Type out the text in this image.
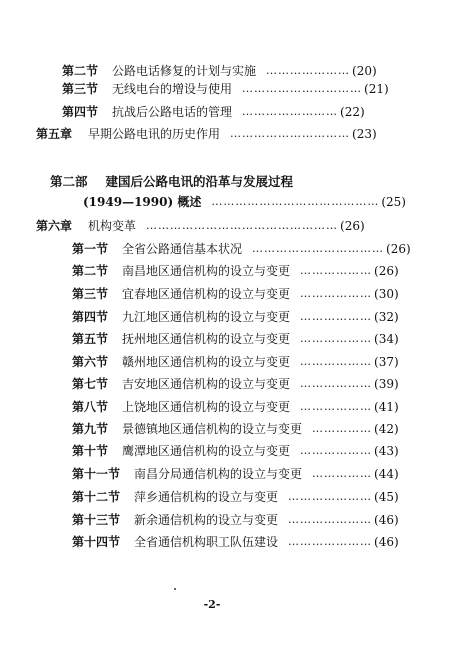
第二节 公路电话修复的计划与实施 ………………… (20)
第三节 无线电台的增设与使用 ………………………… (21)
第四节 抗战后公路电话的管理 …………………… (22)
第五章 早期公路电讯的历史作用 ………………………… (23)
第二部 建国后公路电讯的沿革与发展过程
(1949—1990) 概述 …………………………………… (25)
第六章 机构变革 ………………………………………… (26)
第一节 全省公路通信基本状况 …………………………… (26)
第二节 南昌地区通信机构的设立与变更 ……………… (26)
第三节 宜春地区通信机构的设立与变更 ……………… (30)
第四节 九江地区通信机构的设立与变更 ……………… (32)
第五节 抚州地区通信机构的设立与变更 ……………… (34)
第六节 赣州地区通信机构的设立与变更 ……………… (37)
第七节 吉安地区通信机构的设立与变更 ……………… (39)
第八节 上饶地区通信机构的设立与变更 ……………… (41)
第九节 景德镇地区通信机构的设立与变更 …………… (42)
第十节 鹰潭地区通信机构的设立与变更 ……………… (43)
第十一节 南昌分局通信机构的设立与变更 …………… (44)
第十二节 萍乡通信机构的设立与变更 ………………… (45)
第十三节 新余通信机构的设立与变更 ………………… (46)
第十四节 全省通信机构职工队伍建设 ………………… (46)
-2-
